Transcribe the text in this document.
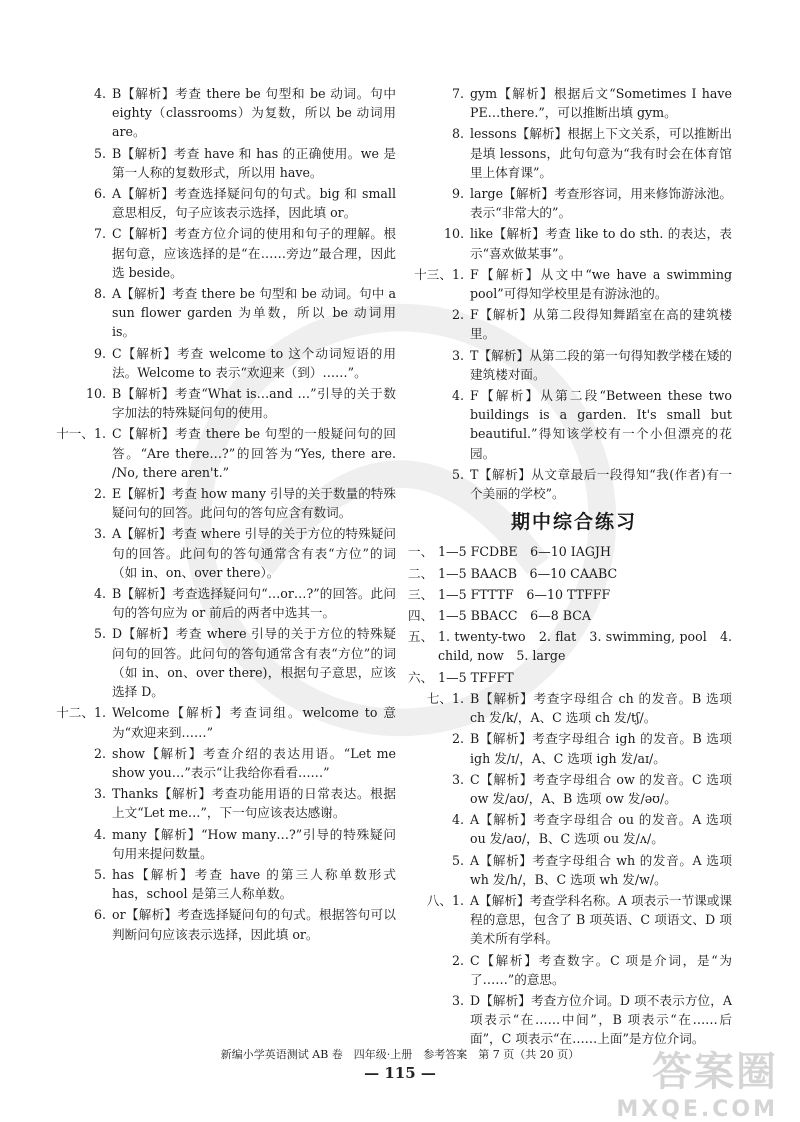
4. B【解析】考查 there be 句型和 be 动词。句中 eighty（classrooms）为复数，所以 be 动词用 are。
5. B【解析】考查 have 和 has 的正确使用。we 是第一人称的复数形式，所以用 have。
6. A【解析】考查选择疑问句的句式。big 和 small 意思相反，句子应该表示选择，因此填 or。
7. C【解析】考查方位介词的使用和句子的理解。根据句意，应该选择的是“在……旁边”最合理，因此选 beside。
8. A【解析】考查 there be 句型和 be 动词。句中 a sun flower garden 为单数，所以 be 动词用 is。
9. C【解析】考查 welcome to 这个动词短语的用法。Welcome to 表示“欢迎来（到）……”。
10. B【解析】考查“What is…and …”引导的关于数字加法的特殊疑问句的使用。
十一、1. C【解析】考查 there be 句型的一般疑问句的回答。“Are there…?”的回答为“Yes, there are. /No, there aren't.”
2. E【解析】考查 how many 引导的关于数量的特殊疑问句的回答。此问句的答句应含有数词。
3. A【解析】考查 where 引导的关于方位的特殊疑问句的回答。此问句的答句通常含有表“方位”的词（如 in、on、over there）。
4. B【解析】考查选择疑问句“…or…?”的回答。此问句的答句应为 or 前后的两者中选其一。
5. D【解析】考查 where 引导的关于方位的特殊疑问句的回答。此问句的答句通常含有表“方位”的词（如 in、on、over there)，根据句子意思，应该选择 D。
十二、1. Welcome【解析】考查词组。welcome to 意为“欢迎来到……”
2. show【解析】考查介绍的表达用语。“Let me show you…”表示“让我给你看看……”
3. Thanks【解析】考查功能用语的日常表达。根据上文“Let me…”，下一句应该表达感谢。
4. many【解析】“How many…?”引导的特殊疑问句用来提问数量。
5. has【解析】考查 have 的第三人称单数形式 has，school 是第三人称单数。
6. or【解析】考查选择疑问句的句式。根据答句可以判断问句应该表示选择，因此填 or。
7. gym【解析】根据后文“Sometimes I have PE…there.”，可以推断出填 gym。
8. lessons【解析】根据上下文关系，可以推断出是填 lessons，此句句意为“我有时会在体育馆里上体育课”。
9. large【解析】考查形容词，用来修饰游泳池。表示“非常大的”。
10. like【解析】考查 like to do sth. 的表达，表示“喜欢做某事”。
十三、1. F【解析】从文中“we have a swimming pool”可得知学校里是有游泳池的。
2. F【解析】从第二段得知舞蹈室在高的建筑楼里。
3. T【解析】从第二段的第一句得知教学楼在矮的建筑楼对面。
4. F【解析】从第二段“Between these two buildings is a garden. It's small but beautiful.”得知该学校有一个小但漂亮的花园。
5. T【解析】从文章最后一段得知“我(作者)有一个美丽的学校”。
期中综合练习
一、 1—5 FCDBE　6—10 IAGJH
二、 1—5 BAACB　6—10 CAABC
三、 1—5 FTTTF　6—10 TTFFF
四、 1—5 BBACC　6—8 BCA
五、 1. twenty-two　2. flat　3. swimming, pool　4. child, now　5. large
六、 1—5 TFFFT
七、1. B【解析】考查字母组合 ch 的发音。B 选项 ch 发/k/，A、C 选项 ch 发/tʃ/。
2. B【解析】考查字母组合 igh 的发音。B 选项 igh 发/ɪ/，A、C 选项 igh 发/aɪ/。
3. C【解析】考查字母组合 ow 的发音。C 选项 ow 发/aʊ/，A、B 选项 ow 发/əʊ/。
4. A【解析】考查字母组合 ou 的发音。A 选项 ou 发/aʊ/，B、C 选项 ou 发/ʌ/。
5. A【解析】考查字母组合 wh 的发音。A 选项 wh 发/h/，B、C 选项 wh 发/w/。
八、1. A【解析】考查学科名称。A 项表示一节课或课程的意思，包含了 B 项英语、C 项语文、D 项美术所有学科。
2. C【解析】考查数字。C 项是介词，是“为了……”的意思。
3. D【解析】考查方位介词。D 项不表示方位，A 项表示“在……中间”，B 项表示“在……后面”，C 项表示“在……上面”是方位介词。
新编小学英语测试 AB 卷　四年级·上册　参考答案　第 7 页（共 20 页）
— 115 —	答案圈
MXQE.COM
